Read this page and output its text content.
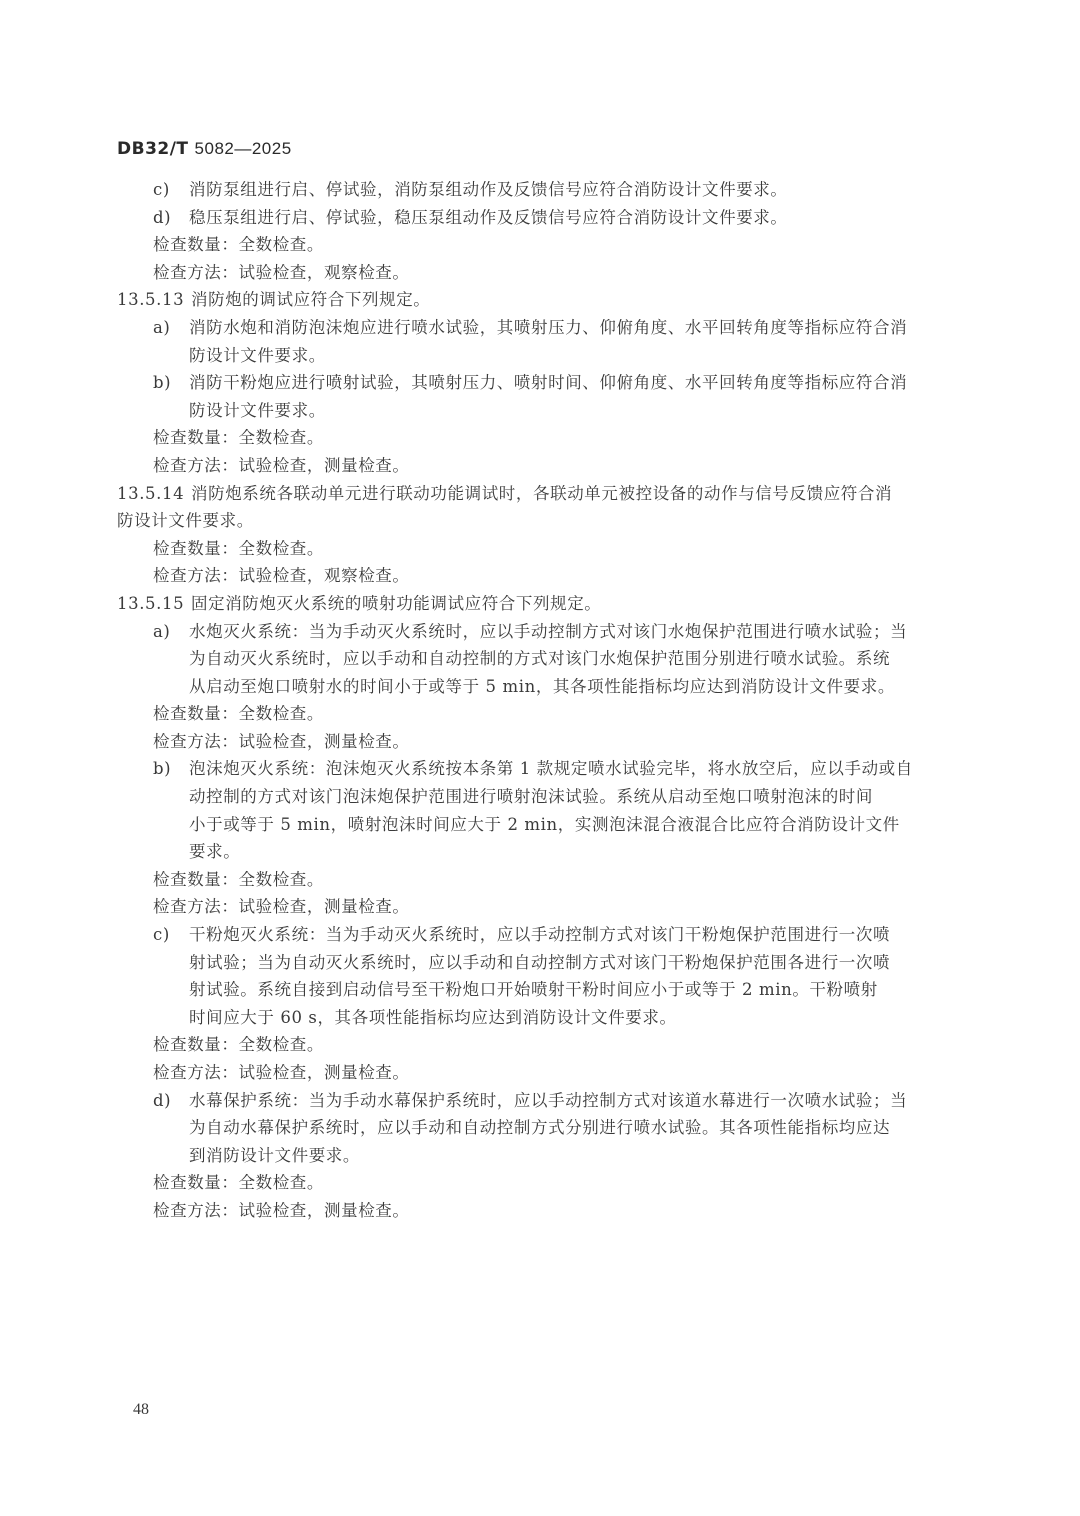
DB32/T 5082—2025
c) 消防泵组进行启、停试验，消防泵组动作及反馈信号应符合消防设计文件要求。
d) 稳压泵组进行启、停试验，稳压泵组动作及反馈信号应符合消防设计文件要求。
检查数量：全数检查。
检查方法：试验检查，观察检查。
13.5.13 消防炮的调试应符合下列规定。
a) 消防水炮和消防泡沫炮应进行喷水试验，其喷射压力、仰俯角度、水平回转角度等指标应符合消
防设计文件要求。
b) 消防干粉炮应进行喷射试验，其喷射压力、喷射时间、仰俯角度、水平回转角度等指标应符合消
防设计文件要求。
检查数量：全数检查。
检查方法：试验检查，测量检查。
13.5.14 消防炮系统各联动单元进行联动功能调试时，各联动单元被控设备的动作与信号反馈应符合消
防设计文件要求。
检查数量：全数检查。
检查方法：试验检查，观察检查。
13.5.15 固定消防炮灭火系统的喷射功能调试应符合下列规定。
a) 水炮灭火系统：当为手动灭火系统时，应以手动控制方式对该门水炮保护范围进行喷水试验；当
为自动灭火系统时，应以手动和自动控制的方式对该门水炮保护范围分别进行喷水试验。系统
从启动至炮口喷射水的时间小于或等于 5 min，其各项性能指标均应达到消防设计文件要求。
检查数量：全数检查。
检查方法：试验检查，测量检查。
b) 泡沫炮灭火系统：泡沫炮灭火系统按本条第 1 款规定喷水试验完毕，将水放空后，应以手动或自
动控制的方式对该门泡沫炮保护范围进行喷射泡沫试验。系统从启动至炮口喷射泡沫的时间
小于或等于 5 min，喷射泡沫时间应大于 2 min，实测泡沫混合液混合比应符合消防设计文件
要求。
检查数量：全数检查。
检查方法：试验检查，测量检查。
c) 干粉炮灭火系统：当为手动灭火系统时，应以手动控制方式对该门干粉炮保护范围进行一次喷
射试验；当为自动灭火系统时，应以手动和自动控制方式对该门干粉炮保护范围各进行一次喷
射试验。系统自接到启动信号至干粉炮口开始喷射干粉时间应小于或等于 2 min。干粉喷射
时间应大于 60 s，其各项性能指标均应达到消防设计文件要求。
检查数量：全数检查。
检查方法：试验检查，测量检查。
d) 水幕保护系统：当为手动水幕保护系统时，应以手动控制方式对该道水幕进行一次喷水试验；当
为自动水幕保护系统时，应以手动和自动控制方式分别进行喷水试验。其各项性能指标均应达
到消防设计文件要求。
检查数量：全数检查。
检查方法：试验检查，测量检查。
48
